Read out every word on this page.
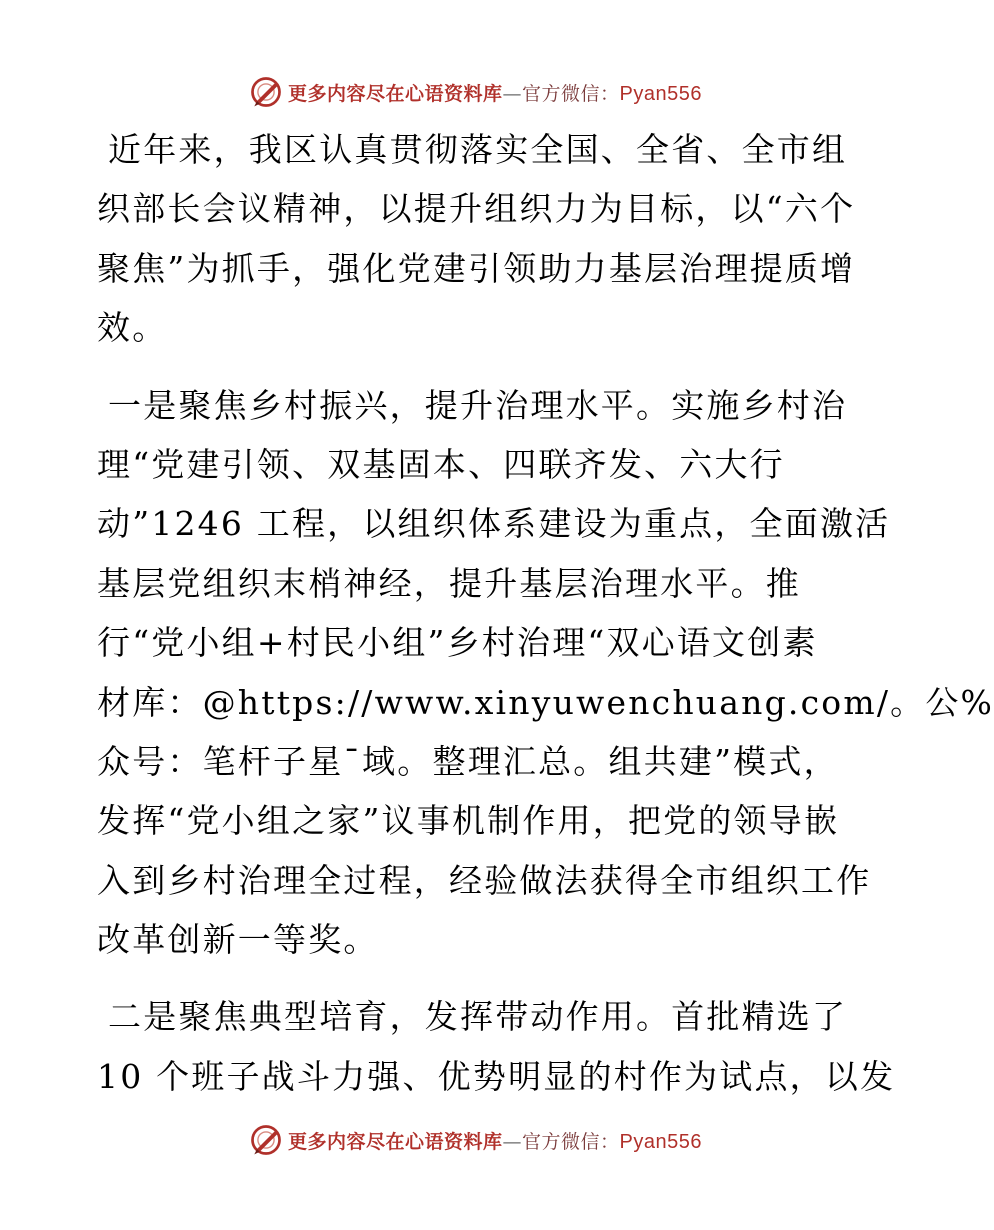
更多内容尽在心语资料库—官方微信：Pyan556
近年来，我区认真贯彻落实全国、全省、全市组
织部长会议精神，以提升组织力为目标，以“六个
聚焦”为抓手，强化党建引领助力基层治理提质增
效。
一是聚焦乡村振兴，提升治理水平。实施乡村治
理“党建引领、双基固本、四联齐发、六大行
动”1246 工程，以组织体系建设为重点，全面激活
基层党组织末梢神经，提升基层治理水平。推
行“党小组+村民小组”乡村治理“双心语文创素
材库：@https://www.xinyuwenchuang.com/。公%
众号：笔杆子星¯域。整理汇总。组共建”模式，
发挥“党小组之家”议事机制作用，把党的领导嵌
入到乡村治理全过程，经验做法获得全市组织工作
改革创新一等奖。
二是聚焦典型培育，发挥带动作用。首批精选了
10 个班子战斗力强、优势明显的村作为试点，以发
更多内容尽在心语资料库—官方微信：Pyan556
